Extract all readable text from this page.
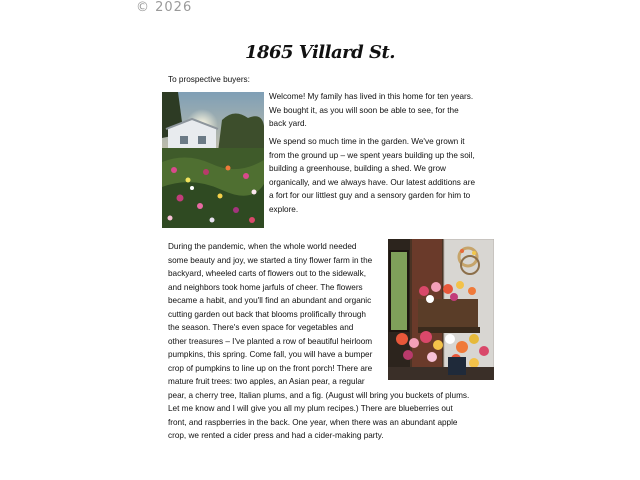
© 2026
1865 Villard St.
To prospective buyers:

Welcome! My family has lived in this home for ten years. We bought it, as you will soon be able to see, for the back yard.

We spend so much time in the garden. We've grown it from the ground up – we spent years building up the soil, building a greenhouse, building a shed. We grow organically, and we always have. Our latest additions are a fort for our littlest guy and a sensory garden for him to explore.

During the pandemic, when the whole world needed some beauty and joy, we started a tiny flower farm in the backyard, wheeled carts of flowers out to the sidewalk, and neighbors took home jarfuls of cheer. The flowers became a habit, and you'll find an abundant and organic cutting garden out back that blooms prolifically through the season. There's even space for vegetables and other treasures – I've planted a row of beautiful heirloom pumpkins, this spring. Come fall, you will have a bumper crop of pumpkins to line up on the front porch! There are mature fruit trees: two apples, an Asian pear, a regular pear, a cherry tree, Italian plums, and a fig. (August will bring you buckets of plums. Let me know and I will give you all my plum recipes.) There are blueberries out front, and raspberries in the back. One year, when there was an abundant apple crop, we rented a cider press and had a cider-making party.
